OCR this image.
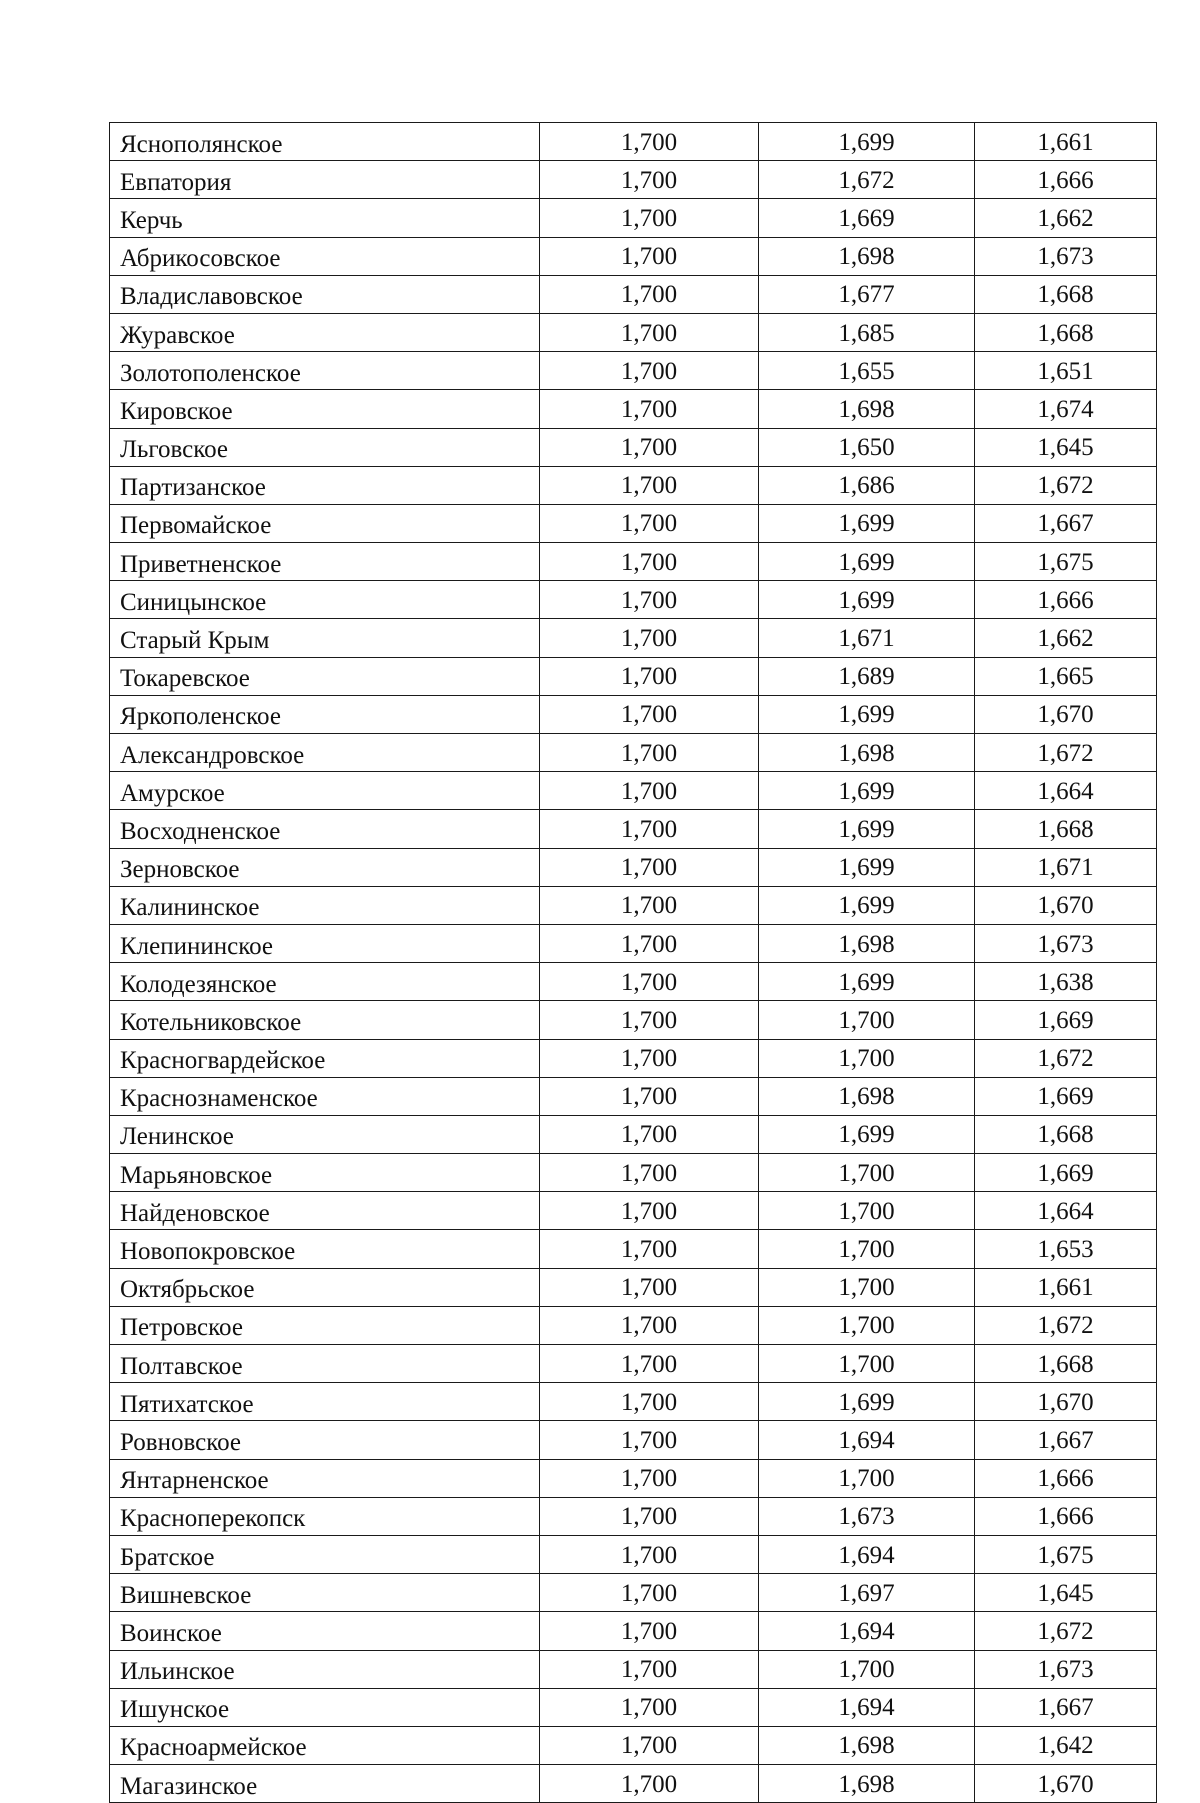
Яснополянское	1,700	1,699	1,661
Евпатория	1,700	1,672	1,666
Керчь	1,700	1,669	1,662
Абрикосовское	1,700	1,698	1,673
Владиславовское	1,700	1,677	1,668
Журавское	1,700	1,685	1,668
Золотополенское	1,700	1,655	1,651
Кировское	1,700	1,698	1,674
Льговское	1,700	1,650	1,645
Партизанское	1,700	1,686	1,672
Первомайское	1,700	1,699	1,667
Приветненское	1,700	1,699	1,675
Синицынское	1,700	1,699	1,666
Старый Крым	1,700	1,671	1,662
Токаревское	1,700	1,689	1,665
Яркополенское	1,700	1,699	1,670
Александровское	1,700	1,698	1,672
Амурское	1,700	1,699	1,664
Восходненское	1,700	1,699	1,668
Зерновское	1,700	1,699	1,671
Калининское	1,700	1,699	1,670
Клепининское	1,700	1,698	1,673
Колодезянское	1,700	1,699	1,638
Котельниковское	1,700	1,700	1,669
Красногвардейское	1,700	1,700	1,672
Краснознаменское	1,700	1,698	1,669
Ленинское	1,700	1,699	1,668
Марьяновское	1,700	1,700	1,669
Найденовское	1,700	1,700	1,664
Новопокровское	1,700	1,700	1,653
Октябрьское	1,700	1,700	1,661
Петровское	1,700	1,700	1,672
Полтавское	1,700	1,700	1,668
Пятихатское	1,700	1,699	1,670
Ровновское	1,700	1,694	1,667
Янтарненское	1,700	1,700	1,666
Красноперекопск	1,700	1,673	1,666
Братское	1,700	1,694	1,675
Вишневское	1,700	1,697	1,645
Воинское	1,700	1,694	1,672
Ильинское	1,700	1,700	1,673
Ишунское	1,700	1,694	1,667
Красноармейское	1,700	1,698	1,642
Магазинское	1,700	1,698	1,670
